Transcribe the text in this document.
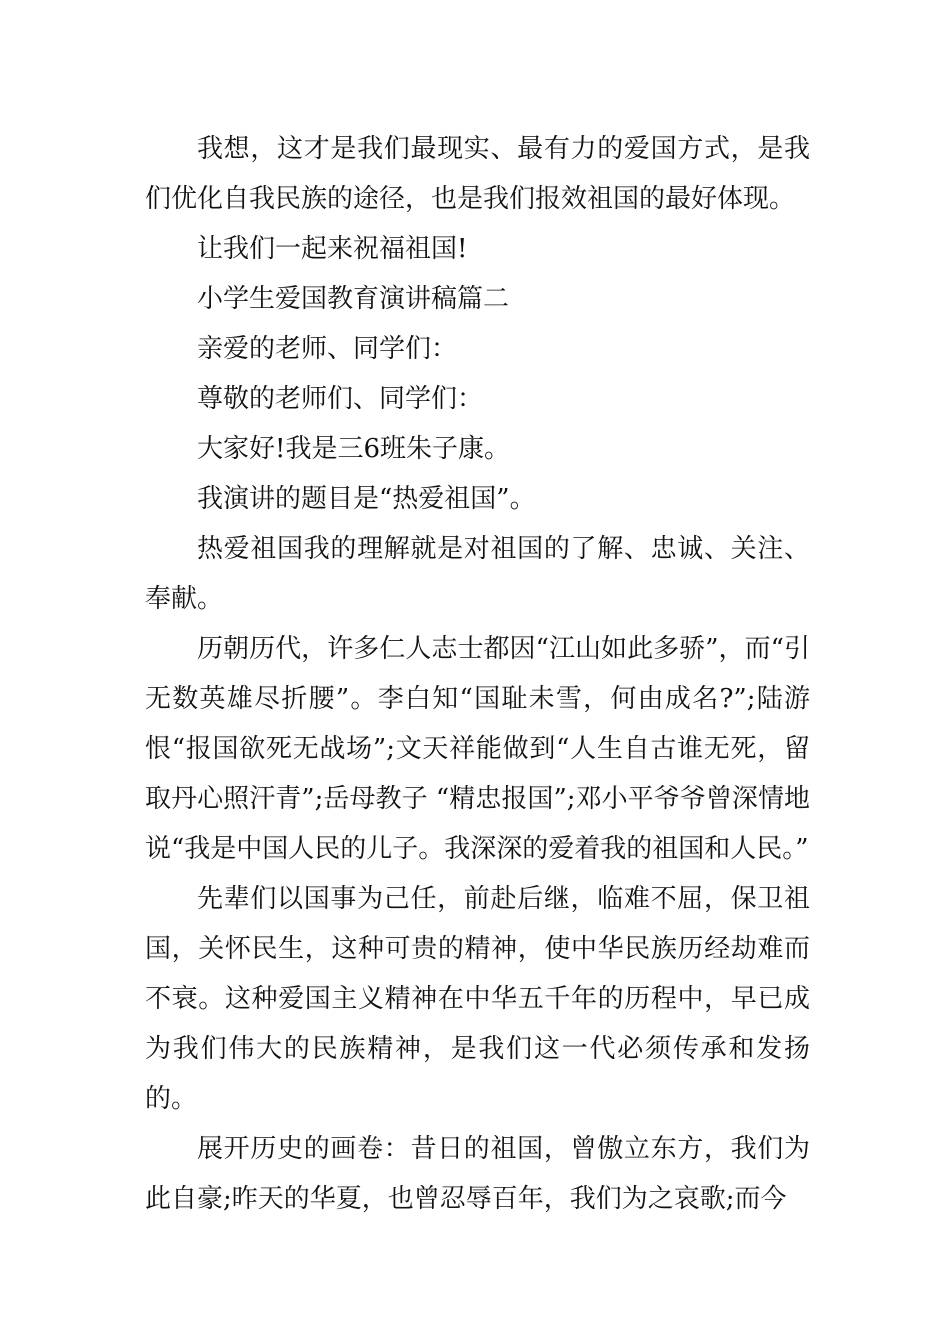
我想，这才是我们最现实、最有力的爱国方式，是我们优化自我民族的途径，也是我们报效祖国的最好体现。

让我们一起来祝福祖国!

小学生爱国教育演讲稿篇二

亲爱的老师、同学们：

尊敬的老师们、同学们：

大家好!我是三6班朱子康。

我演讲的题目是“热爱祖国”。

热爱祖国我的理解就是对祖国的了解、忠诚、关注、奉献。

历朝历代，许多仁人志士都因“江山如此多骄”，而“引无数英雄尽折腰”。李白知“国耻未雪，何由成名?”;陆游恨“报国欲死无战场”;文天祥能做到“人生自古谁无死，留取丹心照汗青”;岳母教子 “精忠报国”;邓小平爷爷曾深情地说“我是中国人民的儿子。我深深的爱着我的祖国和人民。”

先辈们以国事为己任，前赴后继，临难不屈，保卫祖国，关怀民生，这种可贵的精神，使中华民族历经劫难而不衰。这种爱国主义精神在中华五千年的历程中，早已成为我们伟大的民族精神，是我们这一代必须传承和发扬的。

展开历史的画卷：昔日的祖国，曾傲立东方，我们为此自豪;昨天的华夏，也曾忍辱百年，我们为之哀歌;而今
